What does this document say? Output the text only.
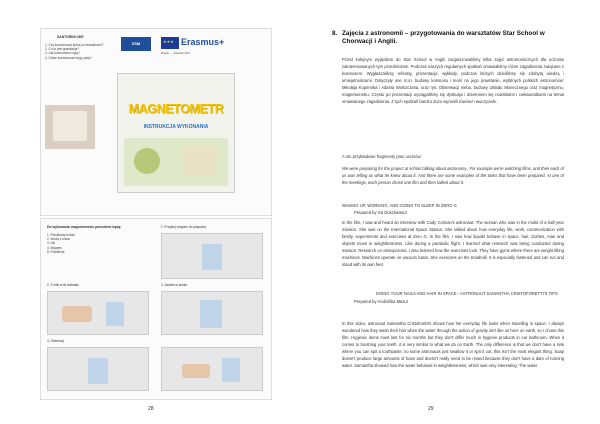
SANTORINI UKE
1. Czy kosmonauci jedzą w nieważkości?
2. Co to jest grawitacja?
3. Jak kosmonauci śpią?
4. Gdzie kosmonauci myją zęby?
ZSM
★★★	Erasmus+
Projekt ... - Kwiecień 2017
MAGNETOMETR
INSTRUKCJA WYKONANIA
Do wykonania magnetometru potrzebne będą:
1. Plastikowy kubek
2. Wodą z kranu
3. Nić
4. Magnes
5. Plastelina
1. Przyklej magnes do patyczka
2. Z nitki zrób wahadło	3. Zawieś w kubku
4. Obserwuj
28
8. Zajęcia z astronomii – przygotowania do warsztatów Star School w Chorwacji i Anglii.
Przed kolejnym wyjazdem do Star School w Anglii zorganizowaliśmy kilka zajęć astronomicznych dla uczniów zainteresowanych tym przedmiotem. Podczas naszych regularnych spotkań omawialiśmy różne zagadnienia związane z kosmosem. Wygłaszaliśmy referaty, prezentacje, wykłady, podczas których dzieliliśmy się zdobytą wiedzą i umiejętnościami. Dotyczyły one m.in. budowy kosmosu i teorii na jego powstanie, wybitnych polskich astronomów: Mikołaja Kopernika i Adama Wolszczana, oraz rys. Obserwacji nieba, budowy Układu Słonecznego oraz magnetyzmu, magnetometru. Często po prezentacji wyciągaliśmy się dyskusja i dzieleniem się nowinkami i ciekawostkami na temat omawianego zagadnienia. Z tych spotkań bardzo dużo wynieśli również nauczyciele.
A oto przykładowe fragmenty prac uczniów:
We were preparing for the project at school talking about astronomy.. For example we're watching films, and then each of us was telling us what he knew about it. And there are some examples of the tasks that have been prepared. At one of the meetings, each person chose one film and then talked about it.
WAKING UP, WORKING, AND GOING TO SLEEP IN ZERO G
Prepared by Iza Duszkiewicz
In the film, I saw and heard an interview with Cady Colman's astronaut. The woman who was in the midst of a half-year mission. She was on the International Space Station. She talked about how everyday life, work, communication with family, experiments and exercises at Zero G. In the film, I saw how liquids behave in space, hair, clothes, man and objects move in weightlessness. Like during a parabolic flight. I learned what research was being conducted during mission. Research on osteoporosis. I also learned how the exercises look. They have gyms where there are weight lifting machines. Machines operate on vacuum basis. She exercises on the treadmill. It is especially fastened and can run and stand with its own feet.
DOING YOUR NAILS AND HAIR IN SPACE - ASTRONAUT SAMANTHA CRISTOFORETTI'S TIPS
Prepared by Andżelika Mazur
In this video, astronaut Samantha Cristoforetti's shows how her everyday life looks when travelling in space. I always wondered how they wash their hair when the water through the action of gravity isn't like us here on earth, so I chose this film. Hygienic items must last for six months but they don't differ much in hygiene products in our bathroom. When it comes to brushing your teeth, it is very similar to what we do on Earth. The only difference is that we don't have a sink where you can spit a toothpaste, so some astronauts just swallow it or spit it out, this isn't the most elegant thing. Soap doesn't produce large amounts of foam and doesn't really need to be rinsed because they don't have a dam of running water. Samantha showed how the water behaved in weightlessness, which was very interesting. The water
29
